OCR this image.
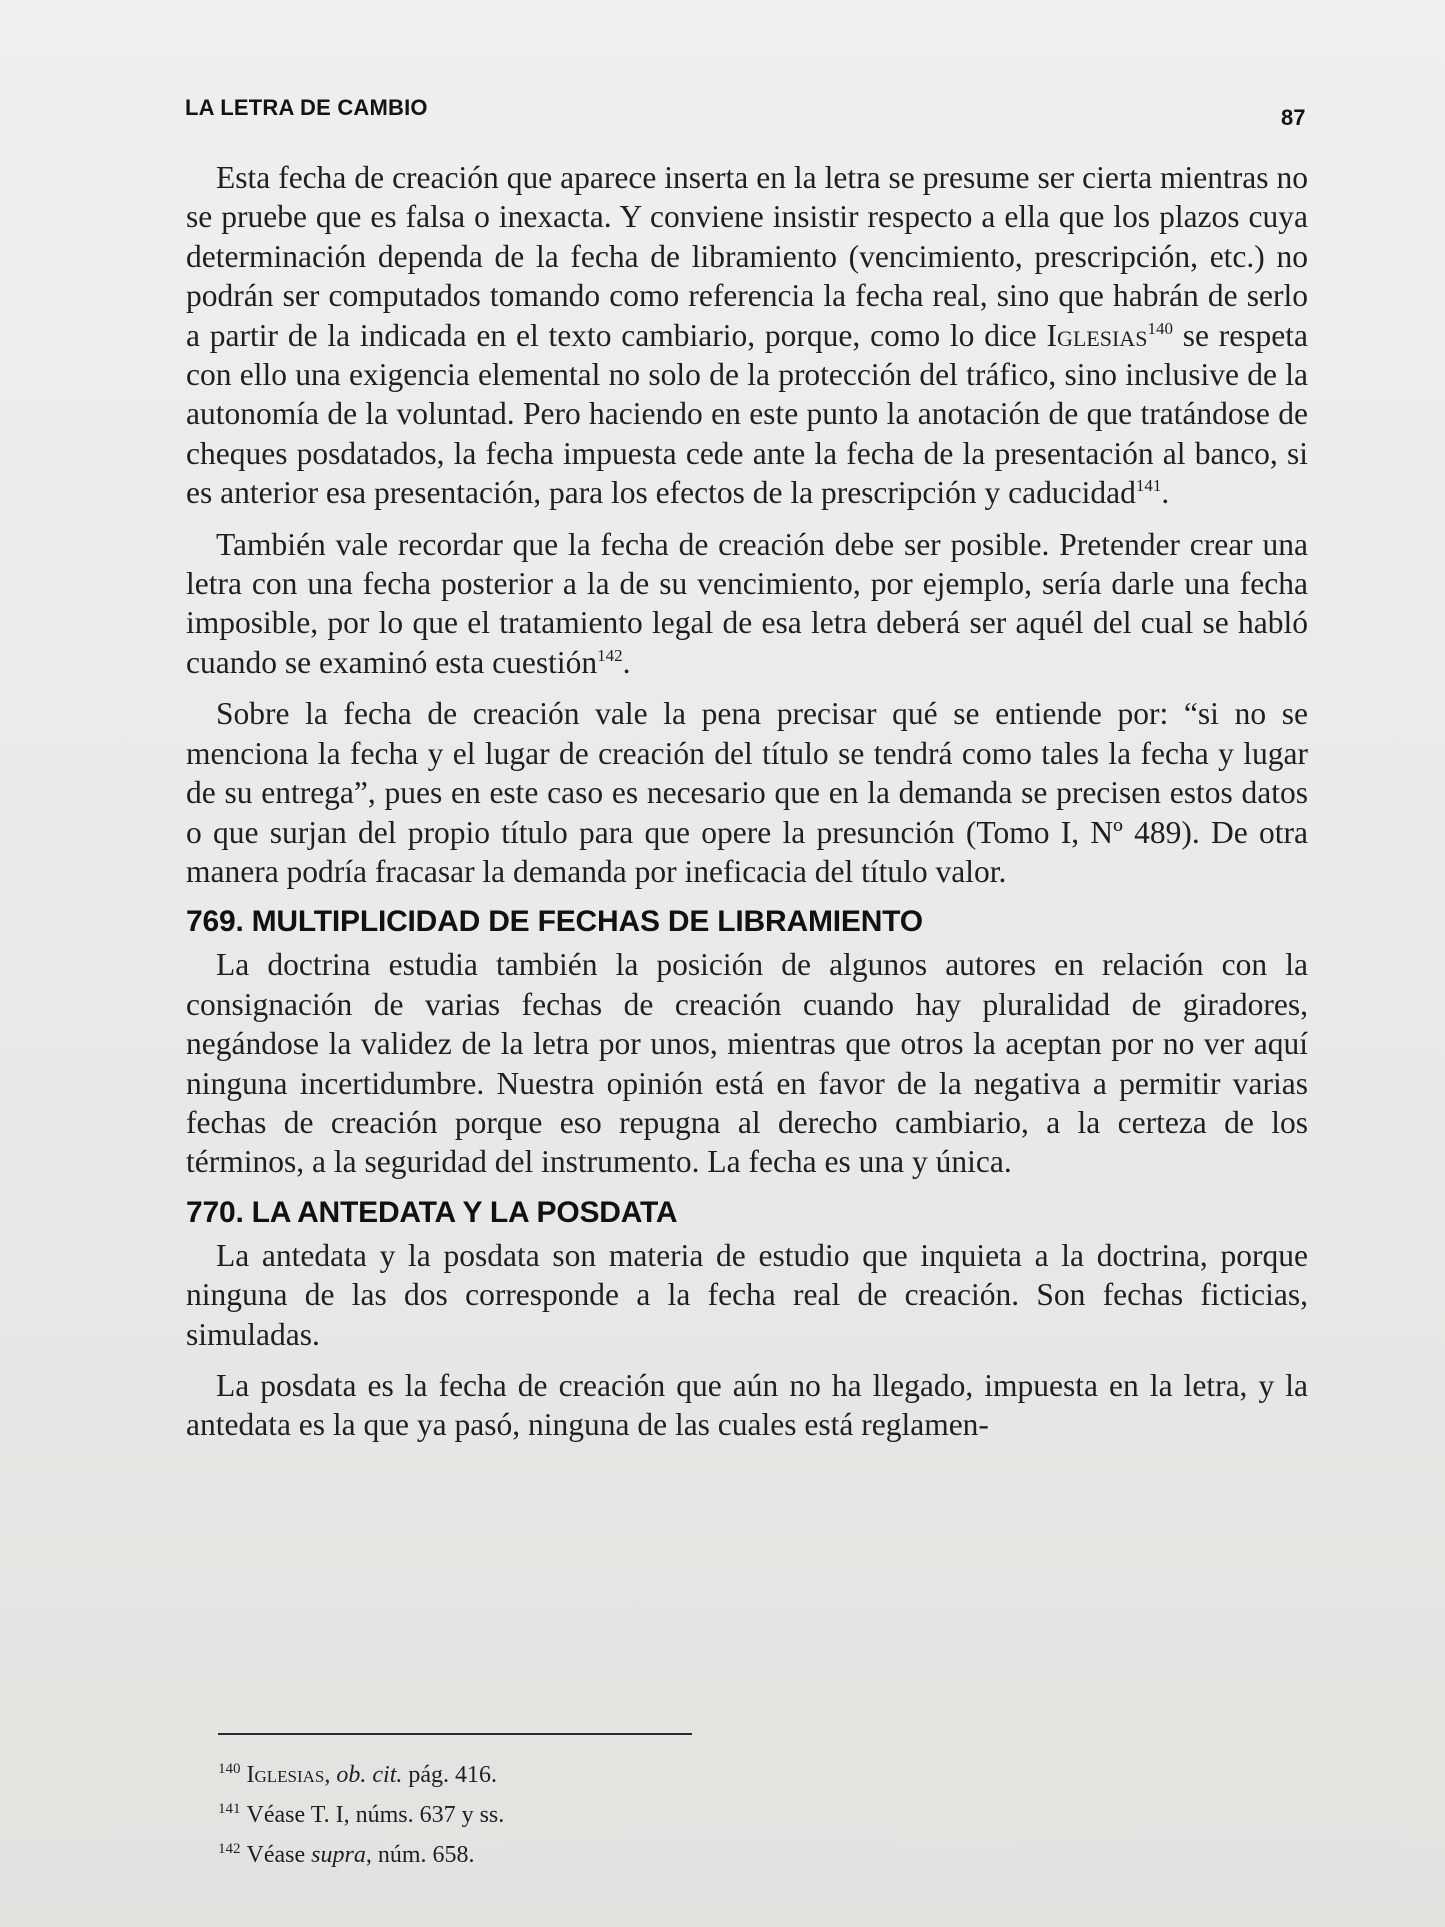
LA LETRA DE CAMBIO	87

Esta fecha de creación que aparece inserta en la letra se presume ser cierta mientras no se pruebe que es falsa o inexacta. Y conviene insistir respecto a ella que los plazos cuya determinación dependa de la fecha de libramiento (vencimiento, prescripción, etc.) no podrán ser computados tomando como referencia la fecha real, sino que habrán de serlo a partir de la indicada en el texto cambiario, porque, como lo dice Iglesias$^{140}$ se respeta con ello una exigencia elemental no solo de la protección del tráfico, sino inclusive de la autonomía de la voluntad. Pero haciendo en este punto la anotación de que tratándose de cheques posdatados, la fecha impuesta cede ante la fecha de la presentación al banco, si es anterior esa presentación, para los efectos de la prescripción y caducidad$^{141}$.

También vale recordar que la fecha de creación debe ser posible. Pretender crear una letra con una fecha posterior a la de su vencimiento, por ejemplo, sería darle una fecha imposible, por lo que el tratamiento legal de esa letra deberá ser aquél del cual se habló cuando se examinó esta cuestión$^{142}$.

Sobre la fecha de creación vale la pena precisar qué se entiende por: “si no se menciona la fecha y el lugar de creación del título se tendrá como tales la fecha y lugar de su entrega”, pues en este caso es necesario que en la demanda se precisen estos datos o que surjan del propio título para que opere la presunción (Tomo I, Nº 489). De otra manera podría fracasar la demanda por ineficacia del título valor.

769. MULTIPLICIDAD DE FECHAS DE LIBRAMIENTO

La doctrina estudia también la posición de algunos autores en relación con la consignación de varias fechas de creación cuando hay pluralidad de giradores, negándose la validez de la letra por unos, mientras que otros la aceptan por no ver aquí ninguna incertidumbre. Nuestra opinión está en favor de la negativa a permitir varias fechas de creación porque eso repugna al derecho cambiario, a la certeza de los términos, a la seguridad del instrumento. La fecha es una y única.

770. LA ANTEDATA Y LA POSDATA

La antedata y la posdata son materia de estudio que inquieta a la doctrina, porque ninguna de las dos corresponde a la fecha real de creación. Son fechas ficticias, simuladas.

La posdata es la fecha de creación que aún no ha llegado, impuesta en la letra, y la antedata es la que ya pasó, ninguna de las cuales está reglamen-

$^{140}$ Iglesias, ob. cit. pág. 416.
$^{141}$ Véase T. I, núms. 637 y ss.
$^{142}$ Véase supra, núm. 658.
